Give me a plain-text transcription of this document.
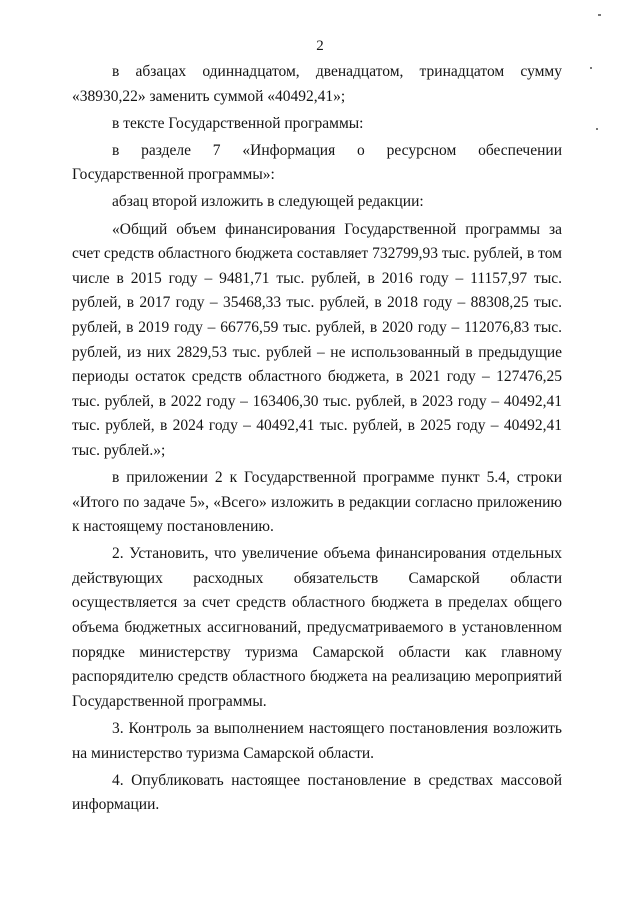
2

в абзацах одиннадцатом, двенадцатом, тринадцатом сумму «38930,22» заменить суммой «40492,41»;

в тексте Государственной программы:

в разделе 7 «Информация о ресурсном обеспечении Государственной программы»:

абзац второй изложить в следующей редакции:

«Общий объем финансирования Государственной программы за счет средств областного бюджета составляет 732799,93 тыс. рублей, в том числе в 2015 году – 9481,71 тыс. рублей, в 2016 году – 11157,97 тыс. рублей, в 2017 году – 35468,33 тыс. рублей, в 2018 году – 88308,25 тыс. рублей, в 2019 году – 66776,59 тыс. рублей, в 2020 году – 112076,83 тыс. рублей, из них 2829,53 тыс. рублей – не использованный в предыдущие периоды остаток средств областного бюджета, в 2021 году – 127476,25 тыс. рублей, в 2022 году – 163406,30 тыс. рублей, в 2023 году – 40492,41 тыс. рублей, в 2024 году – 40492,41 тыс. рублей, в 2025 году – 40492,41 тыс. рублей.»;

в приложении 2 к Государственной программе пункт 5.4, строки «Итого по задаче 5», «Всего» изложить в редакции согласно приложению к настоящему постановлению.

2. Установить, что увеличение объема финансирования отдельных действующих расходных обязательств Самарской области осуществляется за счет средств областного бюджета в пределах общего объема бюджетных ассигнований, предусматриваемого в установленном порядке министерству туризма Самарской области как главному распорядителю средств областного бюджета на реализацию мероприятий Государственной программы.

3. Контроль за выполнением настоящего постановления возложить на министерство туризма Самарской области.

4. Опубликовать настоящее постановление в средствах массовой информации.
